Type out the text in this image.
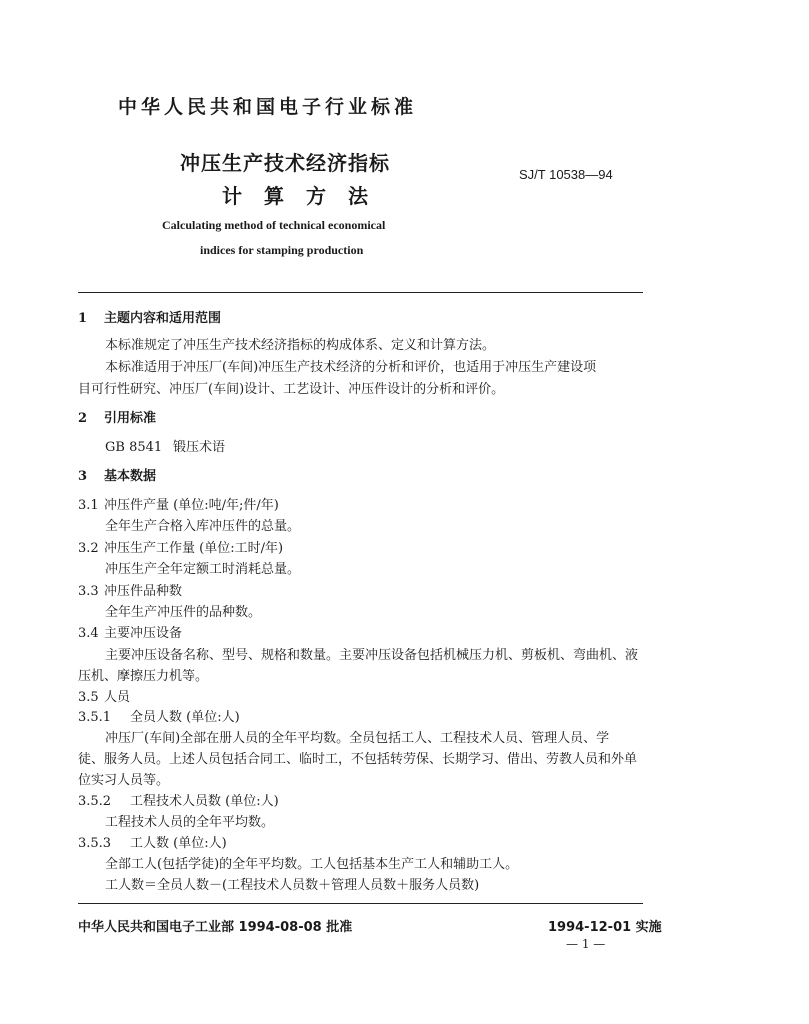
中华人民共和国电子行业标准
冲压生产技术经济指标
计算方法
SJ/T 10538—94
Calculating method of technical economical
indices for stamping production
1 主题内容和适用范围
本标准规定了冲压生产技术经济指标的构成体系、定义和计算方法。
本标准适用于冲压厂(车间)冲压生产技术经济的分析和评价，也适用于冲压生产建设项
目可行性研究、冲压厂(车间)设计、工艺设计、冲压件设计的分析和评价。
2 引用标准
GB 8541 锻压术语
3 基本数据
3.1 冲压件产量 (单位:吨/年;件/年)
全年生产合格入库冲压件的总量。
3.2 冲压生产工作量 (单位:工时/年)
冲压生产全年定额工时消耗总量。
3.3 冲压件品种数
全年生产冲压件的品种数。
3.4 主要冲压设备
主要冲压设备名称、型号、规格和数量。主要冲压设备包括机械压力机、剪板机、弯曲机、液
压机、摩擦压力机等。
3.5 人员
3.5.1 全员人数 (单位:人)
冲压厂(车间)全部在册人员的全年平均数。全员包括工人、工程技术人员、管理人员、学
徒、服务人员。上述人员包括合同工、临时工，不包括转劳保、长期学习、借出、劳教人员和外单
位实习人员等。
3.5.2 工程技术人员数 (单位:人)
工程技术人员的全年平均数。
3.5.3 工人数 (单位:人)
全部工人(包括学徒)的全年平均数。工人包括基本生产工人和辅助工人。
工人数＝全员人数－(工程技术人员数＋管理人员数＋服务人员数)
中华人民共和国电子工业部 1994-08-08 批准	1994-12-01 实施
— 1 —
